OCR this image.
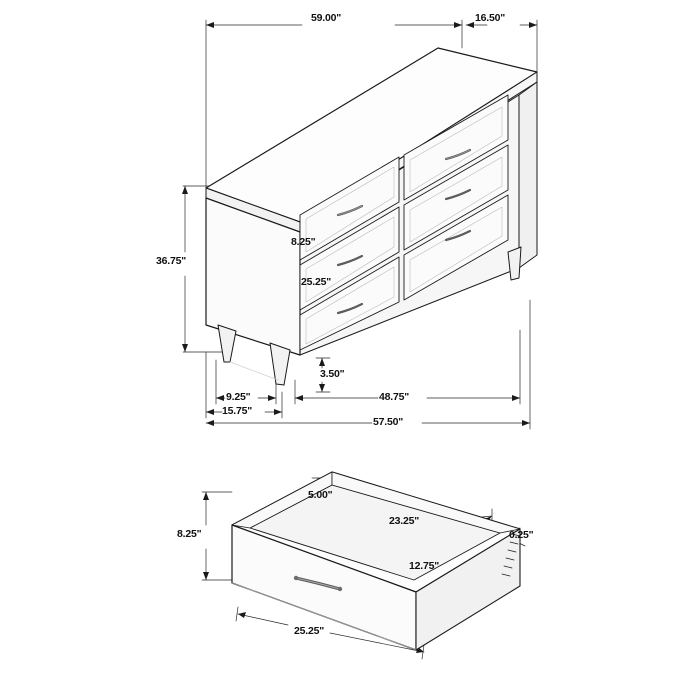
59.00"	16.50"
36.75"
8.25"
25.25"
3.50"
9.25"
15.75"
48.75"
57.50"
5.00"
23.25"
8.25"
12.75"
0.25"
25.25"
